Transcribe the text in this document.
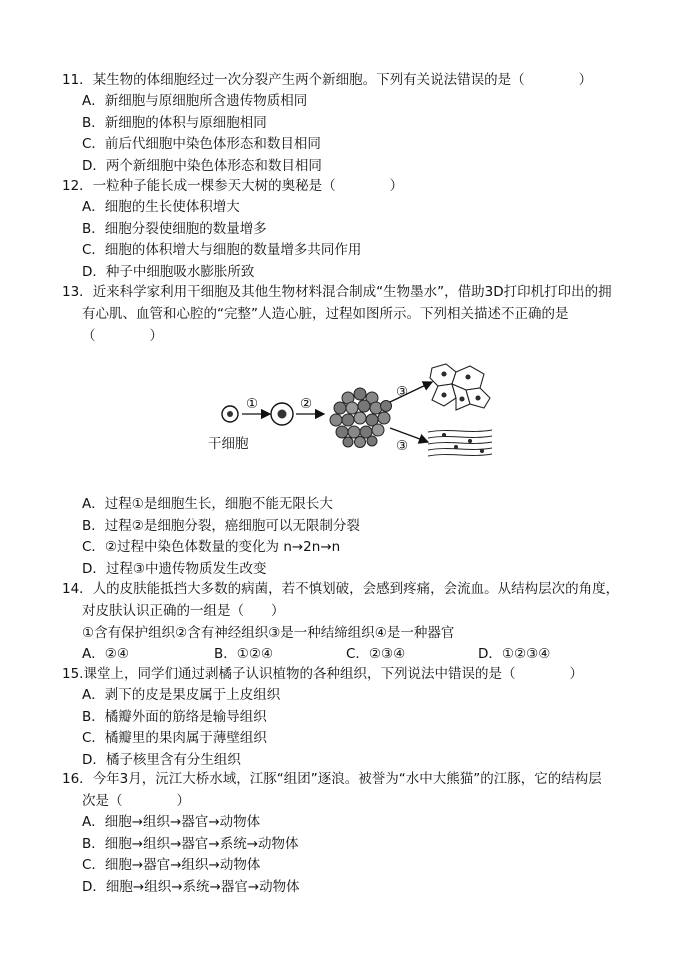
11．某生物的体细胞经过一次分裂产生两个新细胞。下列有关说法错误的是（　　　　）
A．新细胞与原细胞所含遗传物质相同
B．新细胞的体积与原细胞相同
C．前后代细胞中染色体形态和数目相同
D．两个新细胞中染色体形态和数目相同
12．一粒种子能长成一棵参天大树的奥秘是（　　　　）
A．细胞的生长使体积增大
B．细胞分裂使细胞的数量增多
C．细胞的体积增大与细胞的数量增多共同作用
D．种子中细胞吸水膨胀所致
13．近来科学家利用干细胞及其他生物材料混合制成“生物墨水”，借助3D打印机打印出的拥
有心肌、血管和心腔的“完整”人造心脏，过程如图所示。下列相关描述不正确的是
（　　　　）
干细胞
①	②
③
③
A．过程①是细胞生长，细胞不能无限长大
B．过程②是细胞分裂，癌细胞可以无限制分裂
C．②过程中染色体数量的变化为 n→2n→n
D．过程③中遗传物质发生改变
14．人的皮肤能抵挡大多数的病菌，若不慎划破，会感到疼痛，会流血。从结构层次的角度，
对皮肤认识正确的一组是（　　）
①含有保护组织②含有神经组织③是一种结缔组织④是一种器官
A．②④	B．①②④	C．②③④	D．①②③④
15.课堂上，同学们通过剥橘子认识植物的各种组织，下列说法中错误的是（　　　　）
A．剥下的皮是果皮属于上皮组织
B．橘瓣外面的筋络是输导组织
C．橘瓣里的果肉属于薄壁组织
D．橘子核里含有分生组织
16．今年3月，沅江大桥水域，江豚“组团”逐浪。被誉为“水中大熊猫”的江豚，它的结构层
次是（　　　　）
A．细胞→组织→器官→动物体
B．细胞→组织→器官→系统→动物体
C．细胞→器官→组织→动物体
D．细胞→组织→系统→器官→动物体
